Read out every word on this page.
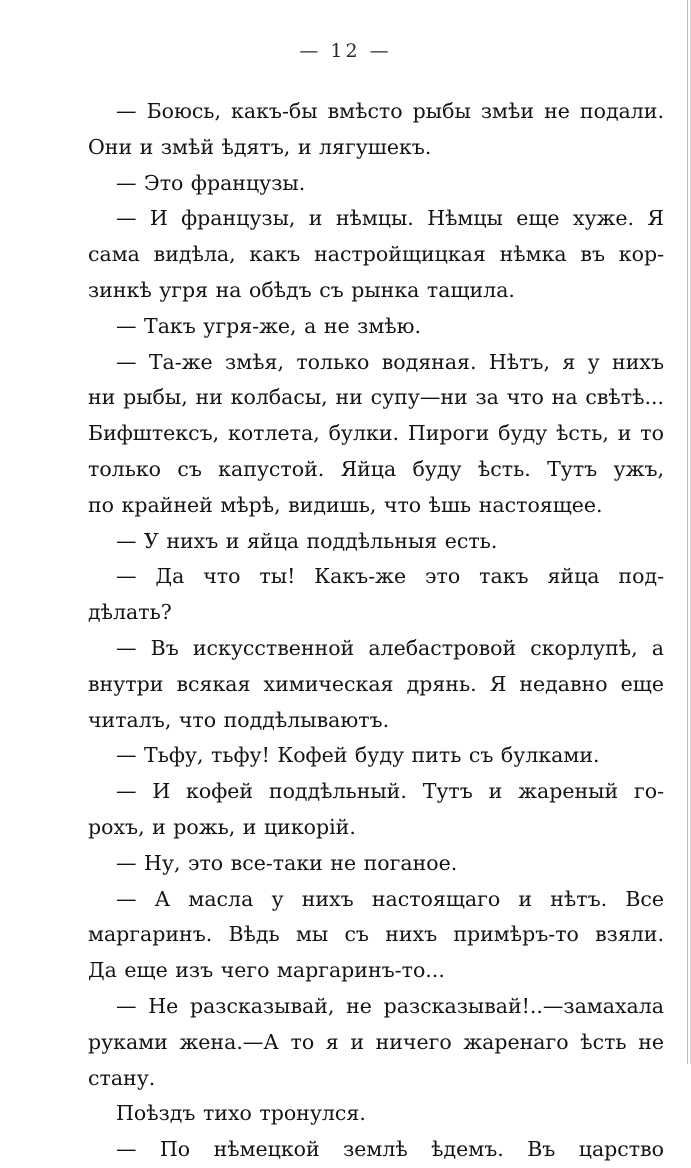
— 12 —
— Боюсь, какъ-бы вмѣсто рыбы змѣи не подали.
Они и змѣй ѣдятъ, и лягушекъ.
— Это французы.
— И французы, и нѣмцы. Нѣмцы еще хуже. Я
сама видѣла, какъ настройщицкая нѣмка въ кор-
зинкѣ угря на обѣдъ съ рынка тащила.
— Такъ угря-же, а не змѣю.
— Та-же змѣя, только водяная. Нѣтъ, я у нихъ
ни рыбы, ни колбасы, ни супу—ни за что на свѣтѣ...
Бифштексъ, котлета, булки. Пироги буду ѣсть, и то
только съ капустой. Яйца буду ѣсть. Тутъ ужъ,
по крайней мѣрѣ, видишь, что ѣшь настоящее.
— У нихъ и яйца поддѣльныя есть.
— Да что ты! Какъ-же это такъ яйца под-
дѣлать?
— Въ искусственной алебастровой скорлупѣ, а
внутри всякая химическая дрянь. Я недавно еще
читалъ, что поддѣлываютъ.
— Тьфу, тьфу! Кофей буду пить съ булками.
— И кофей поддѣльный. Тутъ и жареный го-
рохъ, и рожь, и цикорій.
— Ну, это все-таки не поганое.
— А масла у нихъ настоящаго и нѣтъ. Все
маргаринъ. Вѣдь мы съ нихъ примѣръ-то взяли.
Да еще изъ чего маргаринъ-то...
— Не разсказывай, не разсказывай!..—замахала
руками жена.—А то я и ничего жаренаго ѣсть не
стану.
Поѣздъ тихо тронулся.
— По нѣмецкой землѣ ѣдемъ. Въ царство
